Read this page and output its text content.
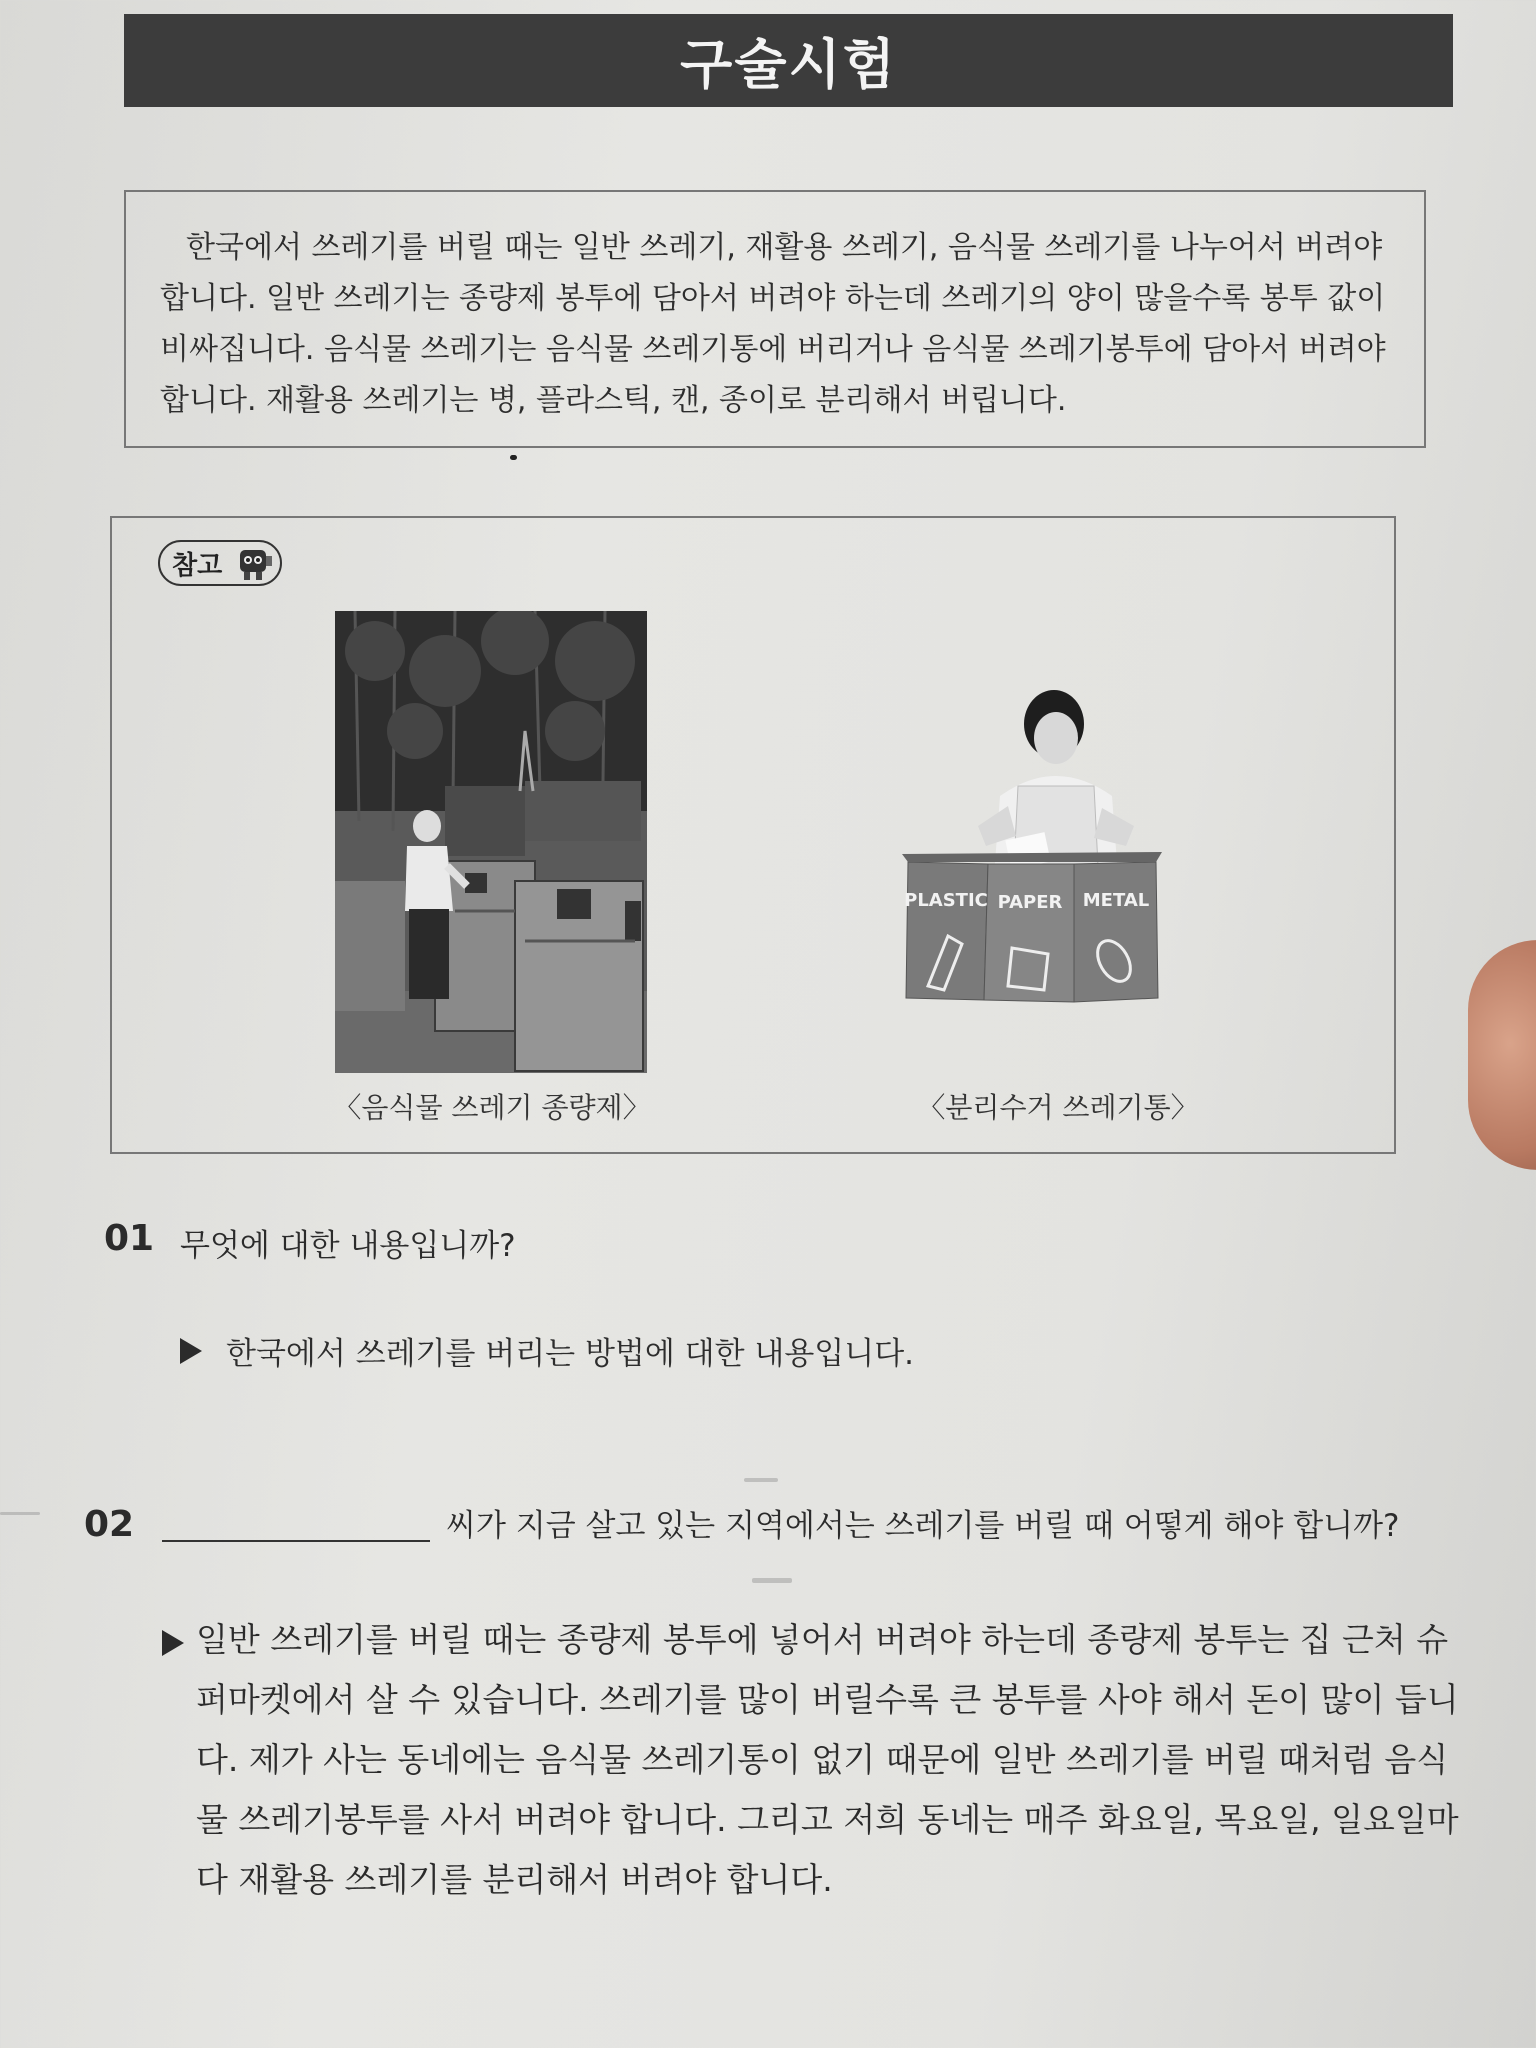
구술시험

한국에서 쓰레기를 버릴 때는 일반 쓰레기, 재활용 쓰레기, 음식물 쓰레기를 나누어서 버려야 합니다. 일반 쓰레기는 종량제 봉투에 담아서 버려야 하는데 쓰레기의 양이 많을수록 봉투 값이 비싸집니다. 음식물 쓰레기는 음식물 쓰레기통에 버리거나 음식물 쓰레기봉투에 담아서 버려야 합니다. 재활용 쓰레기는 병, 플라스틱, 캔, 종이로 분리해서 버립니다.

참고
PLASTIC PAPER METAL
〈음식물 쓰레기 종량제〉	〈분리수거 쓰레기통〉
01 무엇에 대한 내용입니까?
한국에서 쓰레기를 버리는 방법에 대한 내용입니다.
02	씨가 지금 살고 있는 지역에서는 쓰레기를 버릴 때 어떻게 해야 합니까?

일반 쓰레기를 버릴 때는 종량제 봉투에 넣어서 버려야 하는데 종량제 봉투는 집 근처 슈퍼마켓에서 살 수 있습니다. 쓰레기를 많이 버릴수록 큰 봉투를 사야 해서 돈이 많이 듭니다. 제가 사는 동네에는 음식물 쓰레기통이 없기 때문에 일반 쓰레기를 버릴 때처럼 음식물 쓰레기봉투를 사서 버려야 합니다. 그리고 저희 동네는 매주 화요일, 목요일, 일요일마다 재활용 쓰레기를 분리해서 버려야 합니다.
